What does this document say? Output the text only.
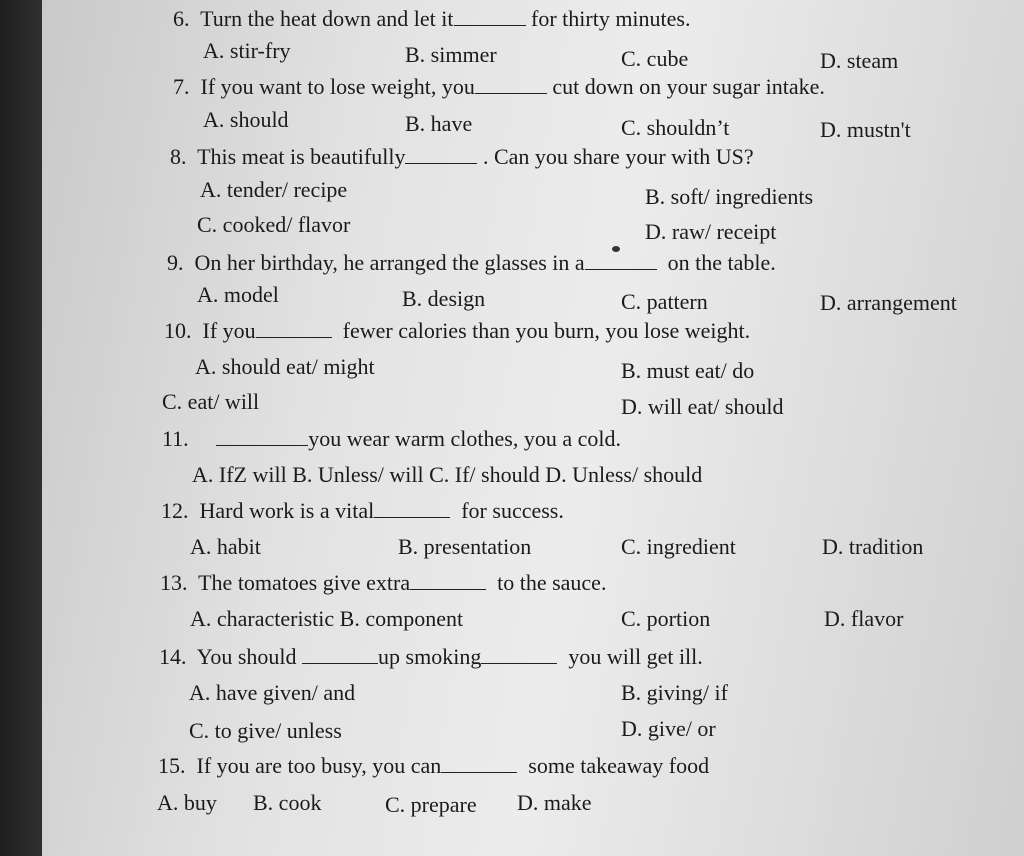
6. Turn the heat down and let it	for thirty minutes.
A. stir-fry	B. simmer	C. cube	D. steam
7. If you want to lose weight, you	cut down on your sugar intake.
A. should	B. have	C. shouldn’t	D. mustn't
8. This meat is beautifully	. Can you share your with US?
A. tender/ recipe	B. soft/ ingredients
C. cooked/ flavor	D. raw/ receipt
9. On her birthday, he arranged the glasses in a	on the table.
A. model	B. design	C. pattern	D. arrangement
10. If you	fewer calories than you burn, you lose weight.
A. should eat/ might	B. must eat/ do
C. eat/ will	D. will eat/ should
11.	you wear warm clothes, you a cold.
A. IfZ will B. Unless/ will C. If/ should D. Unless/ should
12. Hard work is a vital	for success.
A. habit	B. presentation	C. ingredient	D. tradition
13. The tomatoes give extra	to the sauce.
A. characteristic B. component	C. portion	D. flavor
14. You should	up smoking	you will get ill.
A. have given/ and	B. giving/ if
C. to give/ unless	D. give/ or
15. If you are too busy, you can	some takeaway food
A. buy B. cook	C. prepare D. make
